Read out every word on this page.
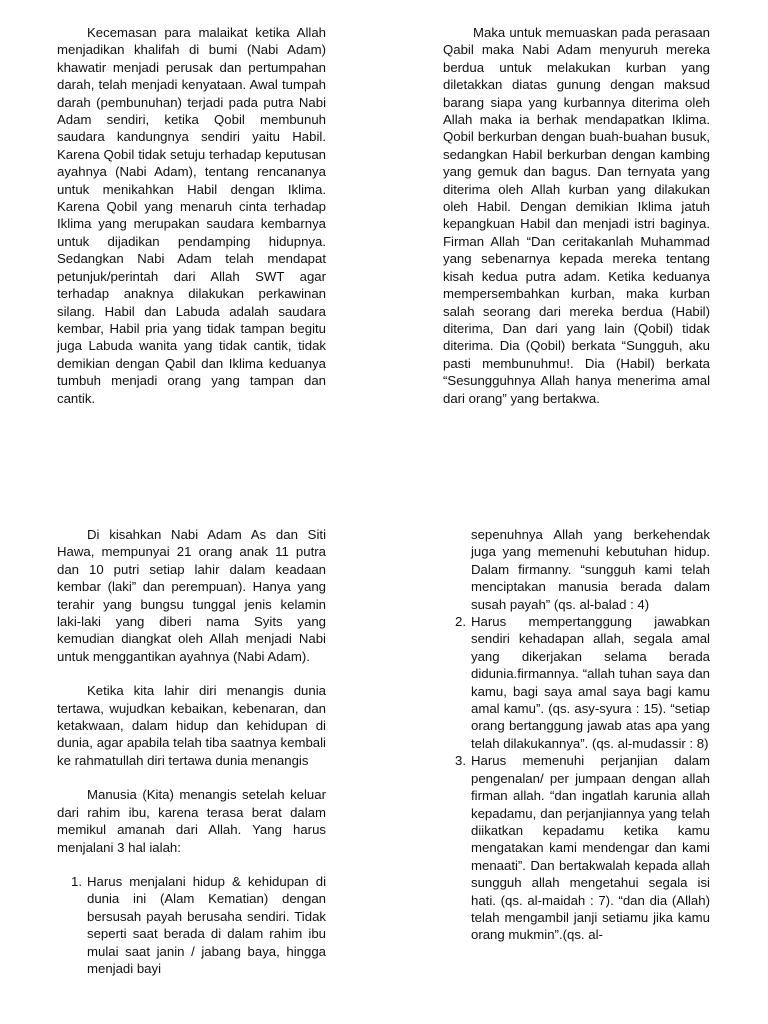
Kecemasan para malaikat ketika Allah menjadikan khalifah di bumi (Nabi Adam) khawatir menjadi perusak dan pertumpahan darah, telah menjadi kenyataan. Awal tumpah darah (pembunuhan) terjadi pada putra Nabi Adam sendiri, ketika Qobil membunuh saudara kandungnya sendiri yaitu Habil. Karena Qobil tidak setuju terhadap keputusan ayahnya (Nabi Adam), tentang rencananya untuk menikahkan Habil dengan Iklima. Karena Qobil yang menaruh cinta terhadap Iklima yang merupakan saudara kembarnya untuk dijadikan pendamping hidupnya. Sedangkan Nabi Adam telah mendapat petunjuk/perintah dari Allah SWT agar terhadap anaknya dilakukan perkawinan silang. Habil dan Labuda adalah saudara kembar, Habil pria yang tidak tampan begitu juga Labuda wanita yang tidak cantik, tidak demikian dengan Qabil dan Iklima keduanya tumbuh menjadi orang yang tampan dan cantik.

Maka untuk memuaskan pada perasaan Qabil maka Nabi Adam menyuruh mereka berdua untuk melakukan kurban yang diletakkan diatas gunung dengan maksud barang siapa yang kurbannya diterima oleh Allah maka ia berhak mendapatkan Iklima. Qobil berkurban dengan buah-buahan busuk, sedangkan Habil berkurban dengan kambing yang gemuk dan bagus. Dan ternyata yang diterima oleh Allah kurban yang dilakukan oleh Habil. Dengan demikian Iklima jatuh kepangkuan Habil dan menjadi istri baginya. Firman Allah “Dan ceritakanlah Muhammad yang sebenarnya kepada mereka tentang kisah kedua putra adam. Ketika keduanya mempersembahkan kurban, maka kurban salah seorang dari mereka berdua (Habil) diterima, Dan dari yang lain (Qobil) tidak diterima. Dia (Qobil) berkata “Sungguh, aku pasti membunuhmu!. Dia (Habil) berkata “Sesungguhnya Allah hanya menerima amal dari orang” yang bertakwa.

Di kisahkan Nabi Adam As dan Siti Hawa, mempunyai 21 orang anak 11 putra dan 10 putri setiap lahir dalam keadaan kembar (laki” dan perempuan). Hanya yang terahir yang bungsu tunggal jenis kelamin laki-laki yang diberi nama Syits yang kemudian diangkat oleh Allah menjadi Nabi untuk menggantikan ayahnya (Nabi Adam).

Ketika kita lahir diri menangis dunia tertawa, wujudkan kebaikan, kebenaran, dan ketakwaan, dalam hidup dan kehidupan di dunia, agar apabila telah tiba saatnya kembali ke rahmatullah diri tertawa dunia menangis

Manusia (Kita) menangis setelah keluar dari rahim ibu, karena terasa berat dalam memikul amanah dari Allah. Yang harus menjalani 3 hal ialah:

1. Harus menjalani hidup & kehidupan di dunia ini (Alam Kematian) dengan bersusah payah berusaha sendiri. Tidak seperti saat berada di dalam rahim ibu mulai saat janin / jabang baya, hingga menjadi bayi
sepenuhnya Allah yang berkehendak juga yang memenuhi kebutuhan hidup. Dalam firmanny. “sungguh kami telah menciptakan manusia berada dalam susah payah” (qs. al-balad : 4)
2. Harus mempertanggung jawabkan sendiri kehadapan allah, segala amal yang dikerjakan selama berada didunia.firmannya. “allah tuhan saya dan kamu, bagi saya amal saya bagi kamu amal kamu”. (qs. asy-syura : 15). “setiap orang bertanggung jawab atas apa yang telah dilakukannya”. (qs. al-mudassir : 8)
3. Harus memenuhi perjanjian dalam pengenalan/ per jumpaan dengan allah firman allah. “dan ingatlah karunia allah kepadamu, dan perjanjiannya yang telah diikatkan kepadamu ketika kamu mengatakan kami mendengar dan kami menaati”. Dan bertakwalah kepada allah sungguh allah mengetahui segala isi hati. (qs. al-maidah : 7). “dan dia (Allah) telah mengambil janji setiamu jika kamu orang mukmin”.(qs. al-
